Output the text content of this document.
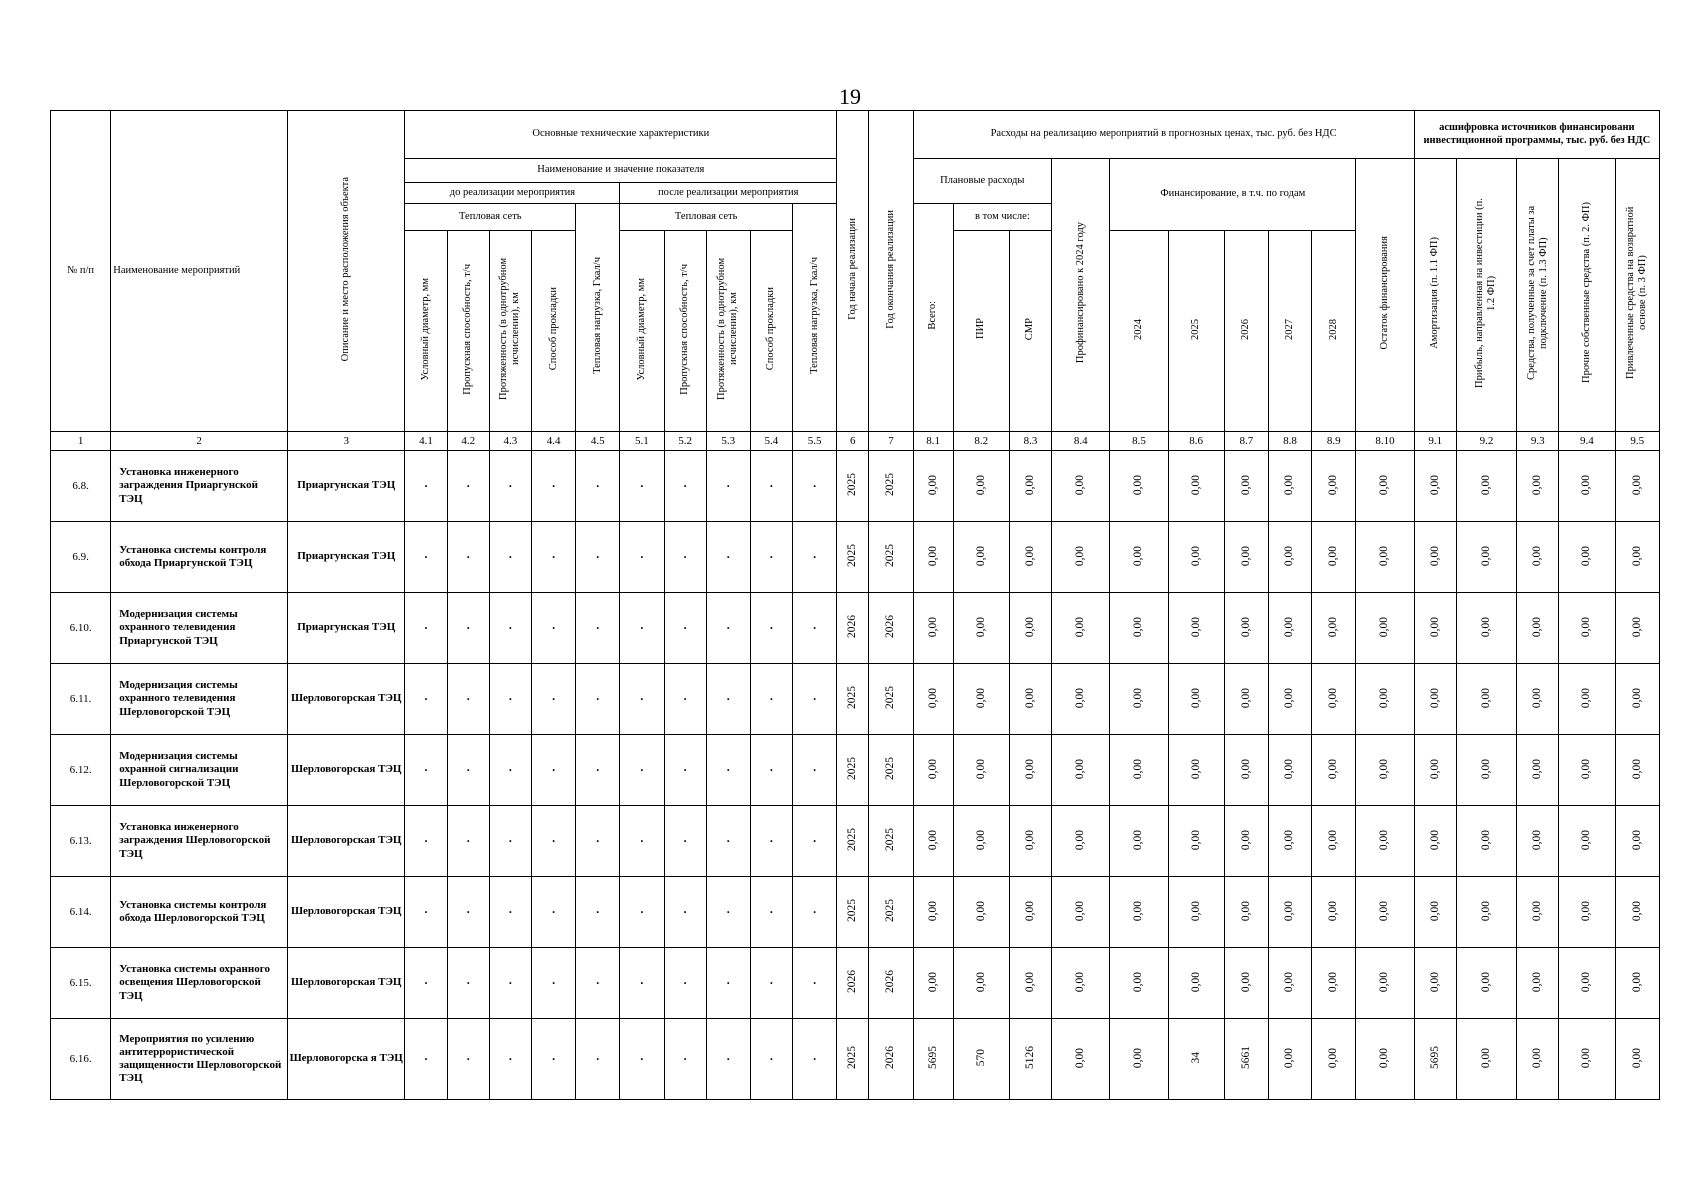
19
№ п/п	Наименование мероприятий	Описание и место расположения объекта	Основные технические характеристики										Год начала реализации	Год окончания реализации	Расходы на реализацию мероприятий в прогнозных ценах, тыс. руб. без НДС										асшифровка источников финансировани инвестиционной программы, тыс. руб. без НДС				
			Наименование и значение показателя												Плановые расходы			Профинансировано к 2024 году	Финансирование, в т.ч. по годам					Остаток финансирования	Амортизация (п. 1.1 ФП)	Прибыль, направленная на инвестиции (п. 1.2 ФП)	Средства, полученные за счет платы за подключение (п. 1.3 ФП)	Прочие собственные средства (п. 2. ФП)	Привлеченные средства на возвратной основе (п. 3 ФП)
			до реализации мероприятия					после реализации мероприятия																					
			Тепловая сеть				Тепловая нагрузка, Гкал/ч	Тепловая сеть				Тепловая нагрузка, Гкал/ч			Всего:	в том числе:													
			Условный диаметр, мм	Пропускная способность, т/ч	Протяженность (в однотрубном исчислении), км	Способ прокладки		Условный диаметр, мм	Пропускная способность, т/ч	Протяженность (в однотрубном исчислении), км	Способ прокладки					ПИР	СМР		2024	2025	2026	2027	2028						
1	2	3	4.1	4.2	4.3	4.4	4.5	5.1	5.2	5.3	5.4	5.5	6	7	8.1	8.2	8.3	8.4	8.5	8.6	8.7	8.8	8.9	8.10	9.1	9.2	9.3	9.4	9.5
6.8.	Установка инженерного заграждения Приаргунской ТЭЦ	Приаргунская ТЭЦ	·	·	·	·	·	·	·	·	·	·	2025	2025	0,00	0,00	0,00	0,00	0,00	0,00	0,00	0,00	0,00	0,00	0,00	0,00	0,00	0,00	0,00
6.9.	Установка системы контроля обхода Приаргунской ТЭЦ	Приаргунская ТЭЦ	·	·	·	·	·	·	·	·	·	·	2025	2025	0,00	0,00	0,00	0,00	0,00	0,00	0,00	0,00	0,00	0,00	0,00	0,00	0,00	0,00	0,00
6.10.	Модернизация системы охранного телевидения Приаргунской ТЭЦ	Приаргунская ТЭЦ	·	·	·	·	·	·	·	·	·	·	2026	2026	0,00	0,00	0,00	0,00	0,00	0,00	0,00	0,00	0,00	0,00	0,00	0,00	0,00	0,00	0,00
6.11.	Модернизация системы охранного телевидения Шерловогорской ТЭЦ	Шерловогорская ТЭЦ	·	·	·	·	·	·	·	·	·	·	2025	2025	0,00	0,00	0,00	0,00	0,00	0,00	0,00	0,00	0,00	0,00	0,00	0,00	0,00	0,00	0,00
6.12.	Модернизация системы охранной сигнализации Шерловогорской ТЭЦ	Шерловогорская ТЭЦ	·	·	·	·	·	·	·	·	·	·	2025	2025	0,00	0,00	0,00	0,00	0,00	0,00	0,00	0,00	0,00	0,00	0,00	0,00	0,00	0,00	0,00
6.13.	Установка инженерного заграждения Шерловогорской ТЭЦ	Шерловогорская ТЭЦ	·	·	·	·	·	·	·	·	·	·	2025	2025	0,00	0,00	0,00	0,00	0,00	0,00	0,00	0,00	0,00	0,00	0,00	0,00	0,00	0,00	0,00
6.14.	Установка системы контроля обхода Шерловогорской ТЭЦ	Шерловогорская ТЭЦ	·	·	·	·	·	·	·	·	·	·	2025	2025	0,00	0,00	0,00	0,00	0,00	0,00	0,00	0,00	0,00	0,00	0,00	0,00	0,00	0,00	0,00
6.15.	Установка системы охранного освещения Шерловогорской ТЭЦ	Шерловогорская ТЭЦ	·	·	·	·	·	·	·	·	·	·	2026	2026	0,00	0,00	0,00	0,00	0,00	0,00	0,00	0,00	0,00	0,00	0,00	0,00	0,00	0,00	0,00
6.16.	Мероприятия по усилению антитеррористической защищенности Шерловогорской ТЭЦ	Шерловогорска я ТЭЦ	·	·	·	·	·	·	·	·	·	·	2025	2026	5695	570	5126	0,00	0,00	34	5661	0,00	0,00	0,00	5695	0,00	0,00	0,00	0,00
